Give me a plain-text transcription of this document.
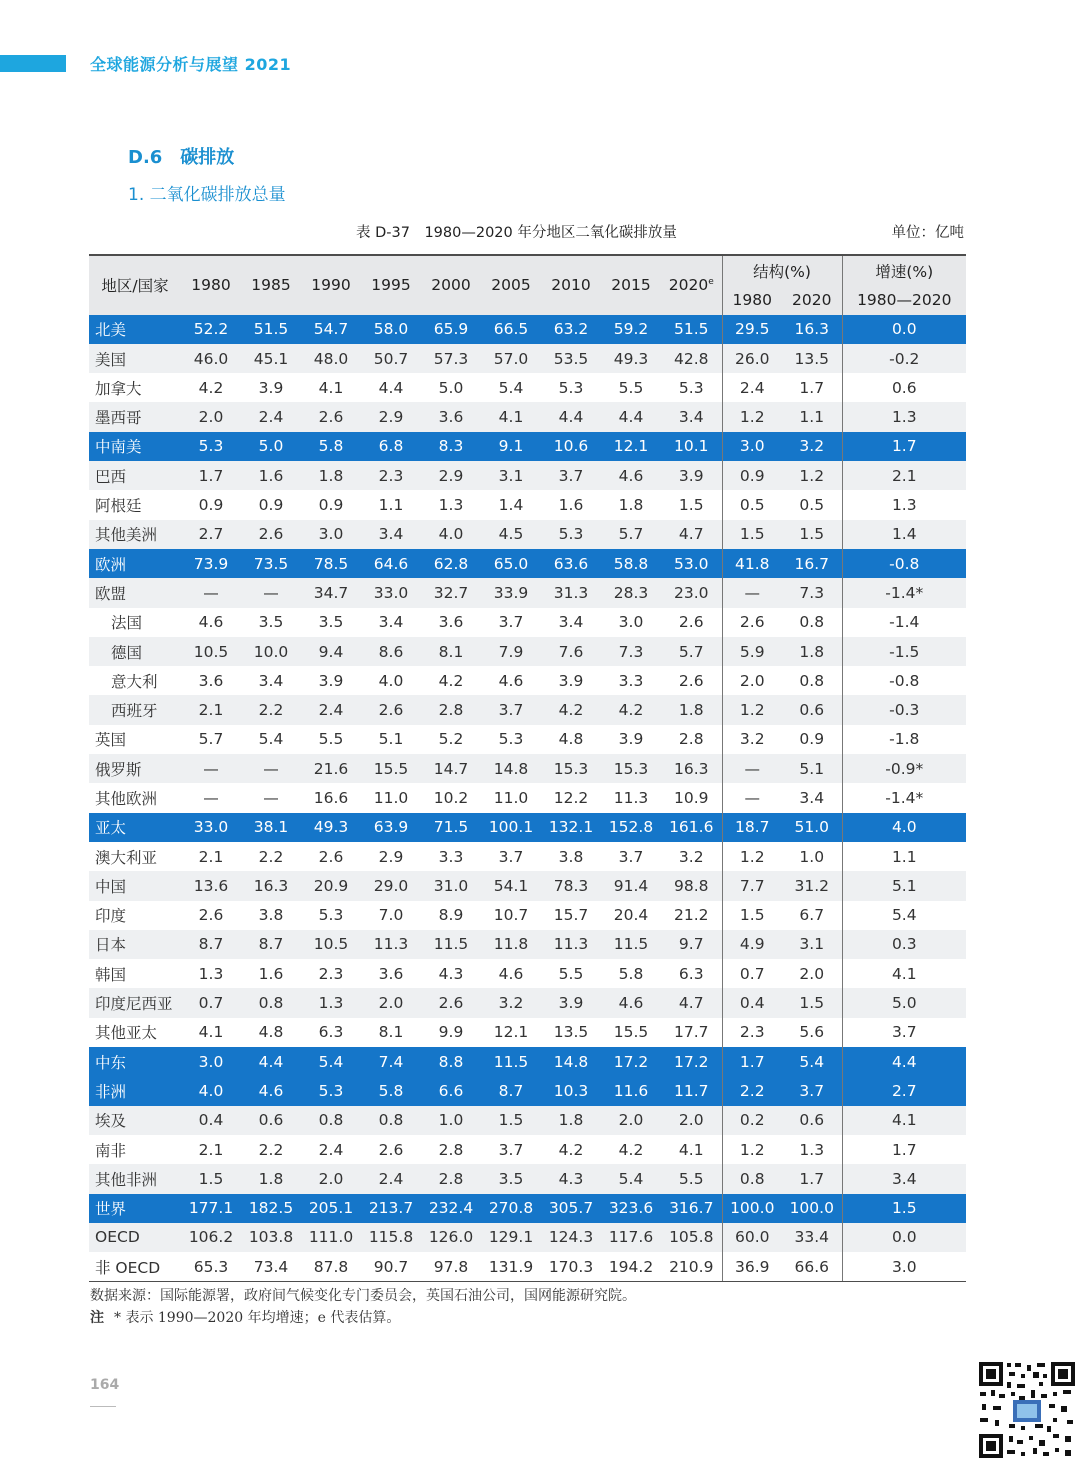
全球能源分析与展望 2021
D.6　碳排放
1. 二氧化碳排放总量
表 D-37　1980—2020 年分地区二氧化碳排放量	单位：亿吨
地区/国家	1980	1985	1990	1995	2000	2005	2010	2015	2020e	结构(%)		增速(%)
										1980	2020	1980—2020
北美	52.2	51.5	54.7	58.0	65.9	66.5	63.2	59.2	51.5	29.5	16.3	0.0
美国	46.0	45.1	48.0	50.7	57.3	57.0	53.5	49.3	42.8	26.0	13.5	-0.2
加拿大	4.2	3.9	4.1	4.4	5.0	5.4	5.3	5.5	5.3	2.4	1.7	0.6
墨西哥	2.0	2.4	2.6	2.9	3.6	4.1	4.4	4.4	3.4	1.2	1.1	1.3
中南美	5.3	5.0	5.8	6.8	8.3	9.1	10.6	12.1	10.1	3.0	3.2	1.7
巴西	1.7	1.6	1.8	2.3	2.9	3.1	3.7	4.6	3.9	0.9	1.2	2.1
阿根廷	0.9	0.9	0.9	1.1	1.3	1.4	1.6	1.8	1.5	0.5	0.5	1.3
其他美洲	2.7	2.6	3.0	3.4	4.0	4.5	5.3	5.7	4.7	1.5	1.5	1.4
欧洲	73.9	73.5	78.5	64.6	62.8	65.0	63.6	58.8	53.0	41.8	16.7	-0.8
欧盟	—	—	34.7	33.0	32.7	33.9	31.3	28.3	23.0	—	7.3	-1.4*
法国	4.6	3.5	3.5	3.4	3.6	3.7	3.4	3.0	2.6	2.6	0.8	-1.4
德国	10.5	10.0	9.4	8.6	8.1	7.9	7.6	7.3	5.7	5.9	1.8	-1.5
意大利	3.6	3.4	3.9	4.0	4.2	4.6	3.9	3.3	2.6	2.0	0.8	-0.8
西班牙	2.1	2.2	2.4	2.6	2.8	3.7	4.2	4.2	1.8	1.2	0.6	-0.3
英国	5.7	5.4	5.5	5.1	5.2	5.3	4.8	3.9	2.8	3.2	0.9	-1.8
俄罗斯	—	—	21.6	15.5	14.7	14.8	15.3	15.3	16.3	—	5.1	-0.9*
其他欧洲	—	—	16.6	11.0	10.2	11.0	12.2	11.3	10.9	—	3.4	-1.4*
亚太	33.0	38.1	49.3	63.9	71.5	100.1	132.1	152.8	161.6	18.7	51.0	4.0
澳大利亚	2.1	2.2	2.6	2.9	3.3	3.7	3.8	3.7	3.2	1.2	1.0	1.1
中国	13.6	16.3	20.9	29.0	31.0	54.1	78.3	91.4	98.8	7.7	31.2	5.1
印度	2.6	3.8	5.3	7.0	8.9	10.7	15.7	20.4	21.2	1.5	6.7	5.4
日本	8.7	8.7	10.5	11.3	11.5	11.8	11.3	11.5	9.7	4.9	3.1	0.3
韩国	1.3	1.6	2.3	3.6	4.3	4.6	5.5	5.8	6.3	0.7	2.0	4.1
印度尼西亚	0.7	0.8	1.3	2.0	2.6	3.2	3.9	4.6	4.7	0.4	1.5	5.0
其他亚太	4.1	4.8	6.3	8.1	9.9	12.1	13.5	15.5	17.7	2.3	5.6	3.7
中东	3.0	4.4	5.4	7.4	8.8	11.5	14.8	17.2	17.2	1.7	5.4	4.4
非洲	4.0	4.6	5.3	5.8	6.6	8.7	10.3	11.6	11.7	2.2	3.7	2.7
埃及	0.4	0.6	0.8	0.8	1.0	1.5	1.8	2.0	2.0	0.2	0.6	4.1
南非	2.1	2.2	2.4	2.6	2.8	3.7	4.2	4.2	4.1	1.2	1.3	1.7
其他非洲	1.5	1.8	2.0	2.4	2.8	3.5	4.3	5.4	5.5	0.8	1.7	3.4
世界	177.1	182.5	205.1	213.7	232.4	270.8	305.7	323.6	316.7	100.0	100.0	1.5
OECD	106.2	103.8	111.0	115.8	126.0	129.1	124.3	117.6	105.8	60.0	33.4	0.0
非 OECD	65.3	73.4	87.8	90.7	97.8	131.9	170.3	194.2	210.9	36.9	66.6	3.0
数据来源：国际能源署，政府间气候变化专门委员会，英国石油公司，国网能源研究院。
注 * 表示 1990—2020 年均增速；e 代表估算。
164
